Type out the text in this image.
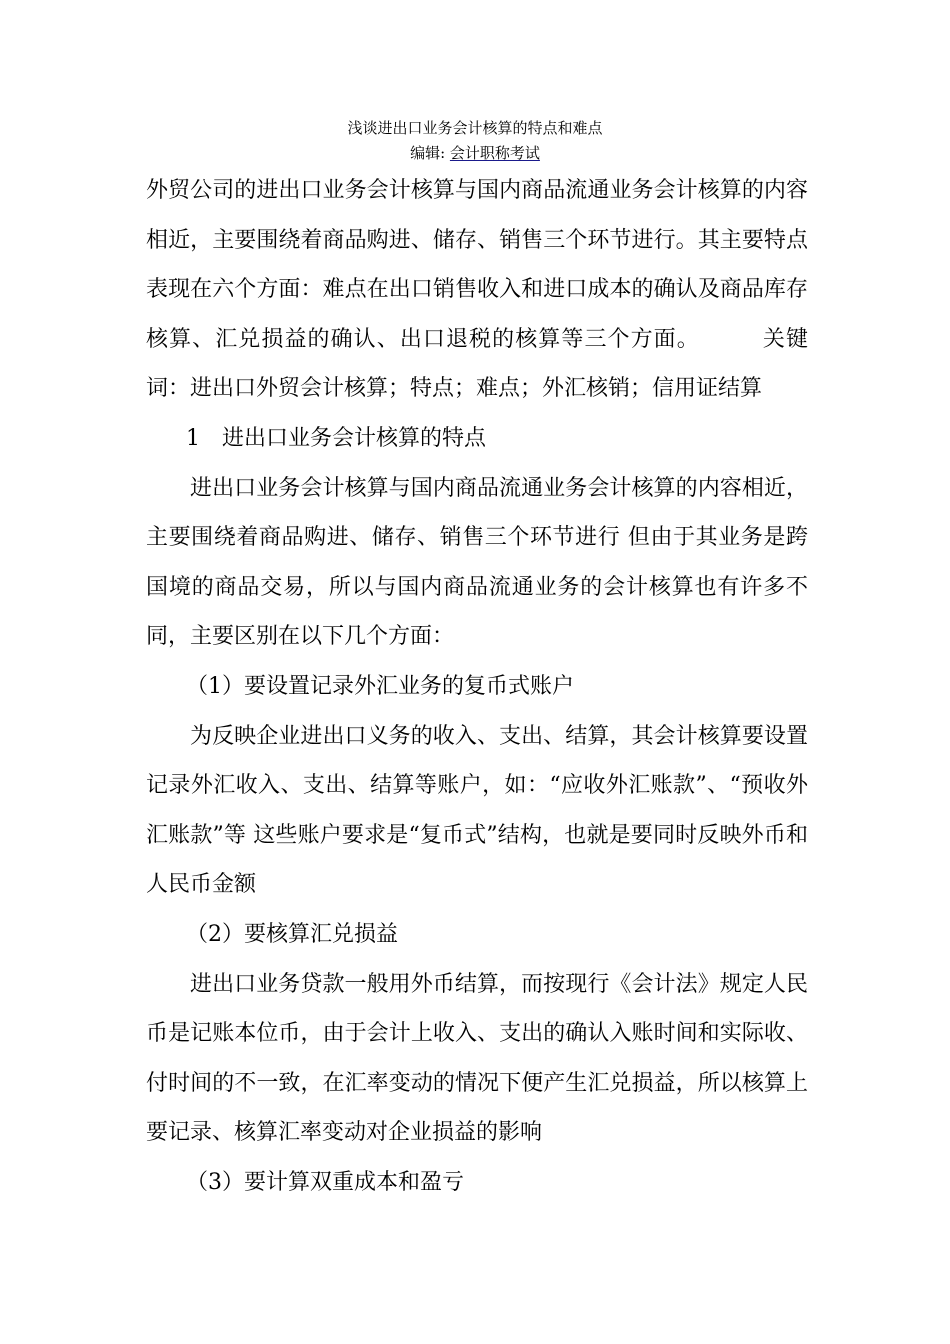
浅谈进出口业务会计核算的特点和难点
编辑: 会计职称考试

外贸公司的进出口业务会计核算与国内商品流通业务会计核算的内容相近，主要围绕着商品购进、储存、销售三个环节进行。其主要特点表现在六个方面：难点在出口销售收入和进口成本的确认及商品库存核算、汇兑损益的确认、出口退税的核算等三个方面。	关键词：进出口外贸会计核算；特点；难点；外汇核销；信用证结算

1　进出口业务会计核算的特点

进出口业务会计核算与国内商品流通业务会计核算的内容相近，主要围绕着商品购进、储存、销售三个环节进行 但由于其业务是跨国境的商品交易，所以与国内商品流通业务的会计核算也有许多不同，主要区别在以下几个方面：

（1）要设置记录外汇业务的复币式账户

为反映企业进出口义务的收入、支出、结算，其会计核算要设置记录外汇收入、支出、结算等账户，如：“应收外汇账款”、“预收外汇账款”等 这些账户要求是“复币式”结构，也就是要同时反映外币和人民币金额

（2）要核算汇兑损益

进出口业务贷款一般用外币结算，而按现行《会计法》规定人民币是记账本位币，由于会计上收入、支出的确认入账时间和实际收、付时间的不一致，在汇率变动的情况下便产生汇兑损益，所以核算上要记录、核算汇率变动对企业损益的影响

（3）要计算双重成本和盈亏
